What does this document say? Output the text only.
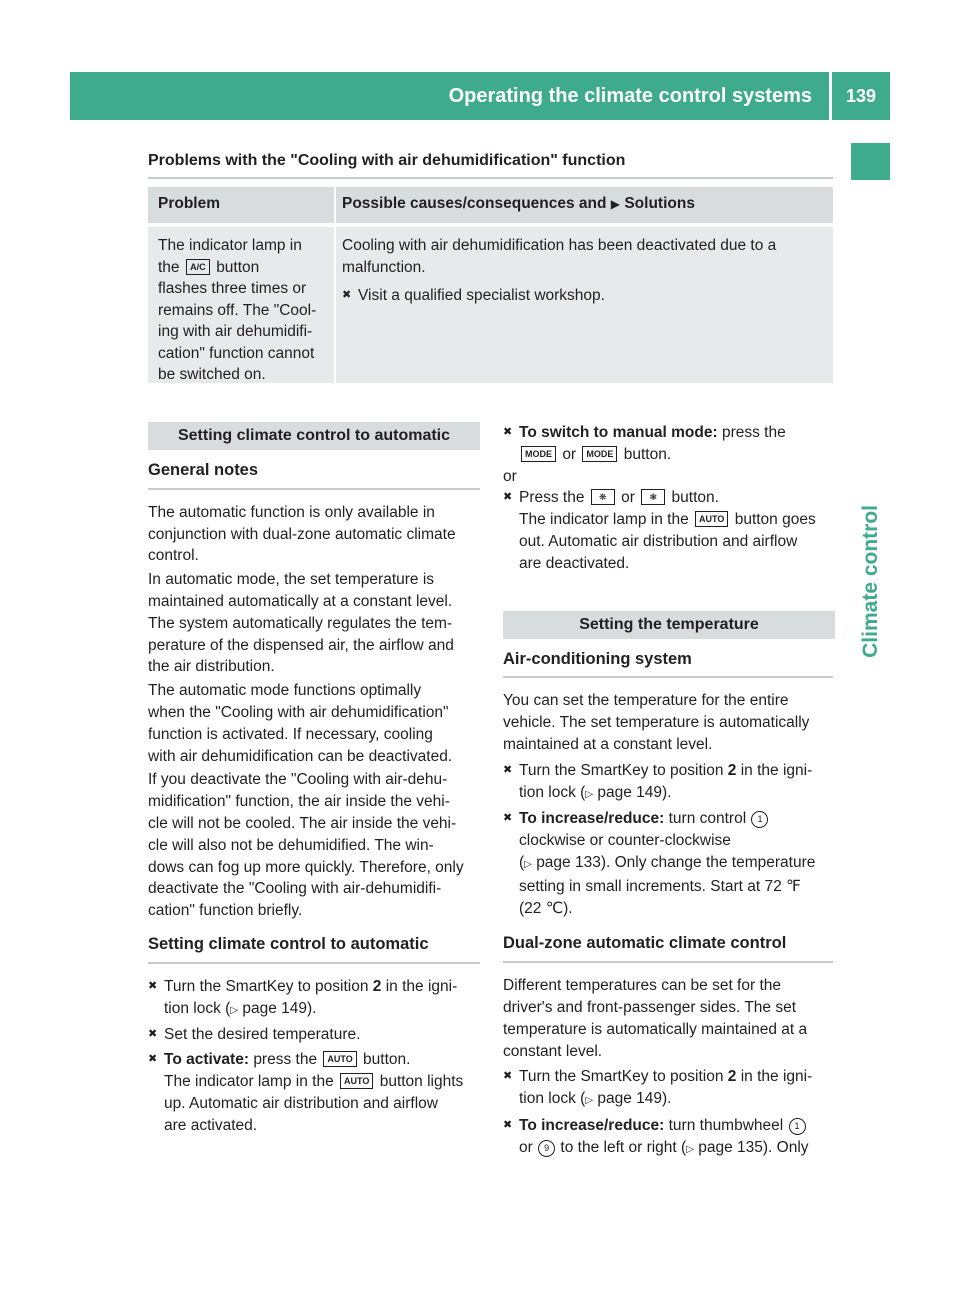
Operating the climate control systems	139
Climate control
Problems with the "Cooling with air dehumidification" function
Problem	Possible causes/consequences and ▶ Solutions
The indicator lamp in
the A/C button
flashes three times or
remains off. The "Cool-
ing with air dehumidifi-
cation" function cannot
be switched on.
Cooling with air dehumidification has been deactivated due to a
malfunction.
✖ Visit a qualified specialist workshop.
Setting climate control to automatic
General notes

The automatic function is only available in

conjunction with dual-zone automatic climate

control.

In automatic mode, the set temperature is

maintained automatically at a constant level.

The system automatically regulates the tem-

perature of the dispensed air, the airflow and

the air distribution.

The automatic mode functions optimally

when the "Cooling with air dehumidification"

function is activated. If necessary, cooling

with air dehumidification can be deactivated.

If you deactivate the "Cooling with air-dehu-

midification" function, the air inside the vehi-

cle will not be cooled. The air inside the vehi-

cle will also not be dehumidified. The win-

dows can fog up more quickly. Therefore, only

deactivate the "Cooling with air-dehumidifi-

cation" function briefly.

Setting climate control to automatic
✖ Turn the SmartKey to position 2 in the igni-
tion lock (▷ page 149).
✖ Set the desired temperature.
✖ To activate: press the AUTO button.
The indicator lamp in the AUTO button lights
up. Automatic air distribution and airflow
are activated.
✖ To switch to manual mode: press the
MODE or MODE button.
or
✖ Press the ❋ or ❃ button.
The indicator lamp in the AUTO button goes
out. Automatic air distribution and airflow
are deactivated.
Setting the temperature
Air-conditioning system

You can set the temperature for the entire

vehicle. The set temperature is automatically

maintained at a constant level.

✖ Turn the SmartKey to position 2 in the igni-
tion lock (▷ page 149).
✖ To increase/reduce: turn control 1
clockwise or counter-clockwise
(▷ page 133). Only change the temperature
setting in small increments. Start at 72 ℉
(22 ℃).
Dual-zone automatic climate control

Different temperatures can be set for the

driver's and front-passenger sides. The set

temperature is automatically maintained at a

constant level.

✖ Turn the SmartKey to position 2 in the igni-
tion lock (▷ page 149).
✖ To increase/reduce: turn thumbwheel 1
or 9 to the left or right (▷ page 135). Only
